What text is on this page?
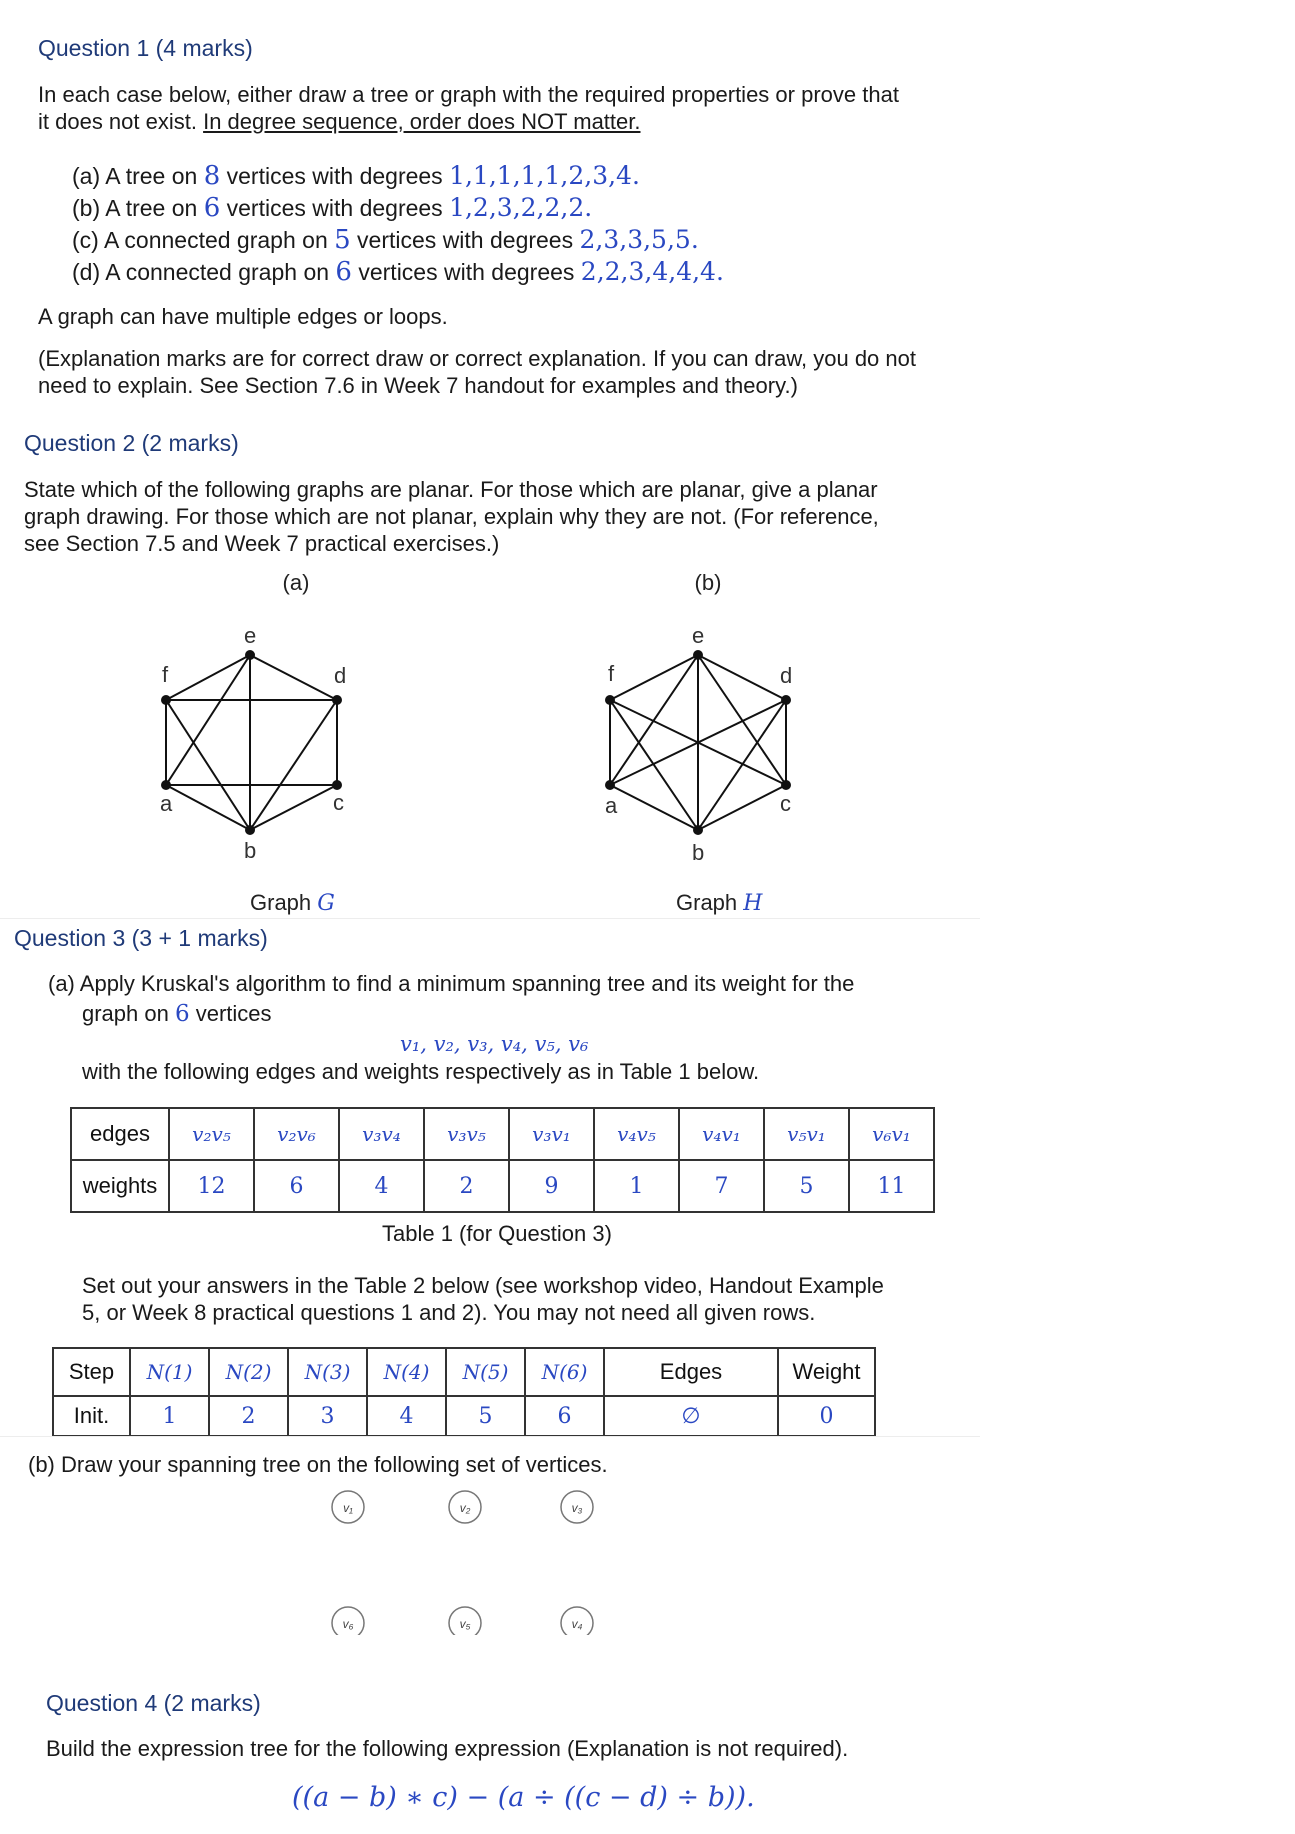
Question 1 (4 marks)
In each case below, either draw a tree or graph with the required properties or prove that
it does not exist. In degree sequence, order does NOT matter.
(a) A tree on 8 vertices with degrees 1,1,1,1,1,2,3,4.
(b) A tree on 6 vertices with degrees 1,2,3,2,2,2.
(c) A connected graph on 5 vertices with degrees 2,3,3,5,5.
(d) A connected graph on 6 vertices with degrees 2,2,3,4,4,4.
A graph can have multiple edges or loops.
(Explanation marks are for correct draw or correct explanation. If you can draw, you do not
need to explain. See Section 7.6 in Week 7 handout for examples and theory.)
Question 2 (2 marks)
State which of the following graphs are planar. For those which are planar, give a planar
graph drawing. For those which are not planar, explain why they are not. (For reference,
see Section 7.5 and Week 7 practical exercises.)
(a)
e
d
f
a	c
b
Graph G
(b)
e
d
f
a	c
b
Graph H
Question 3 (3 + 1 marks)
(a) Apply Kruskal's algorithm to find a minimum spanning tree and its weight for the
graph on 6 vertices
v₁, v₂, v₃, v₄, v₅, v₆
with the following edges and weights respectively as in Table 1 below.
edges	v₂v₅	v₂v₆	v₃v₄	v₃v₅	v₃v₁	v₄v₅	v₄v₁	v₅v₁	v₆v₁
weights	12	6	4	2	9	1	7	5	11
Table 1 (for Question 3)
Set out your answers in the Table 2 below (see workshop video, Handout Example
5, or Week 8 practical questions 1 and 2). You may not need all given rows.
Step	N(1)	N(2)	N(3)	N(4)	N(5)	N(6)	Edges	Weight
Init.	1	2	3	4	5	6	∅	0
(b) Draw your spanning tree on the following set of vertices.
v₁	v₂	v₃
v₆	v₅	v₄
Question 4 (2 marks)
Build the expression tree for the following expression (Explanation is not required).
((a − b) ∗ c) − (a ÷ ((c − d) ÷ b)).
